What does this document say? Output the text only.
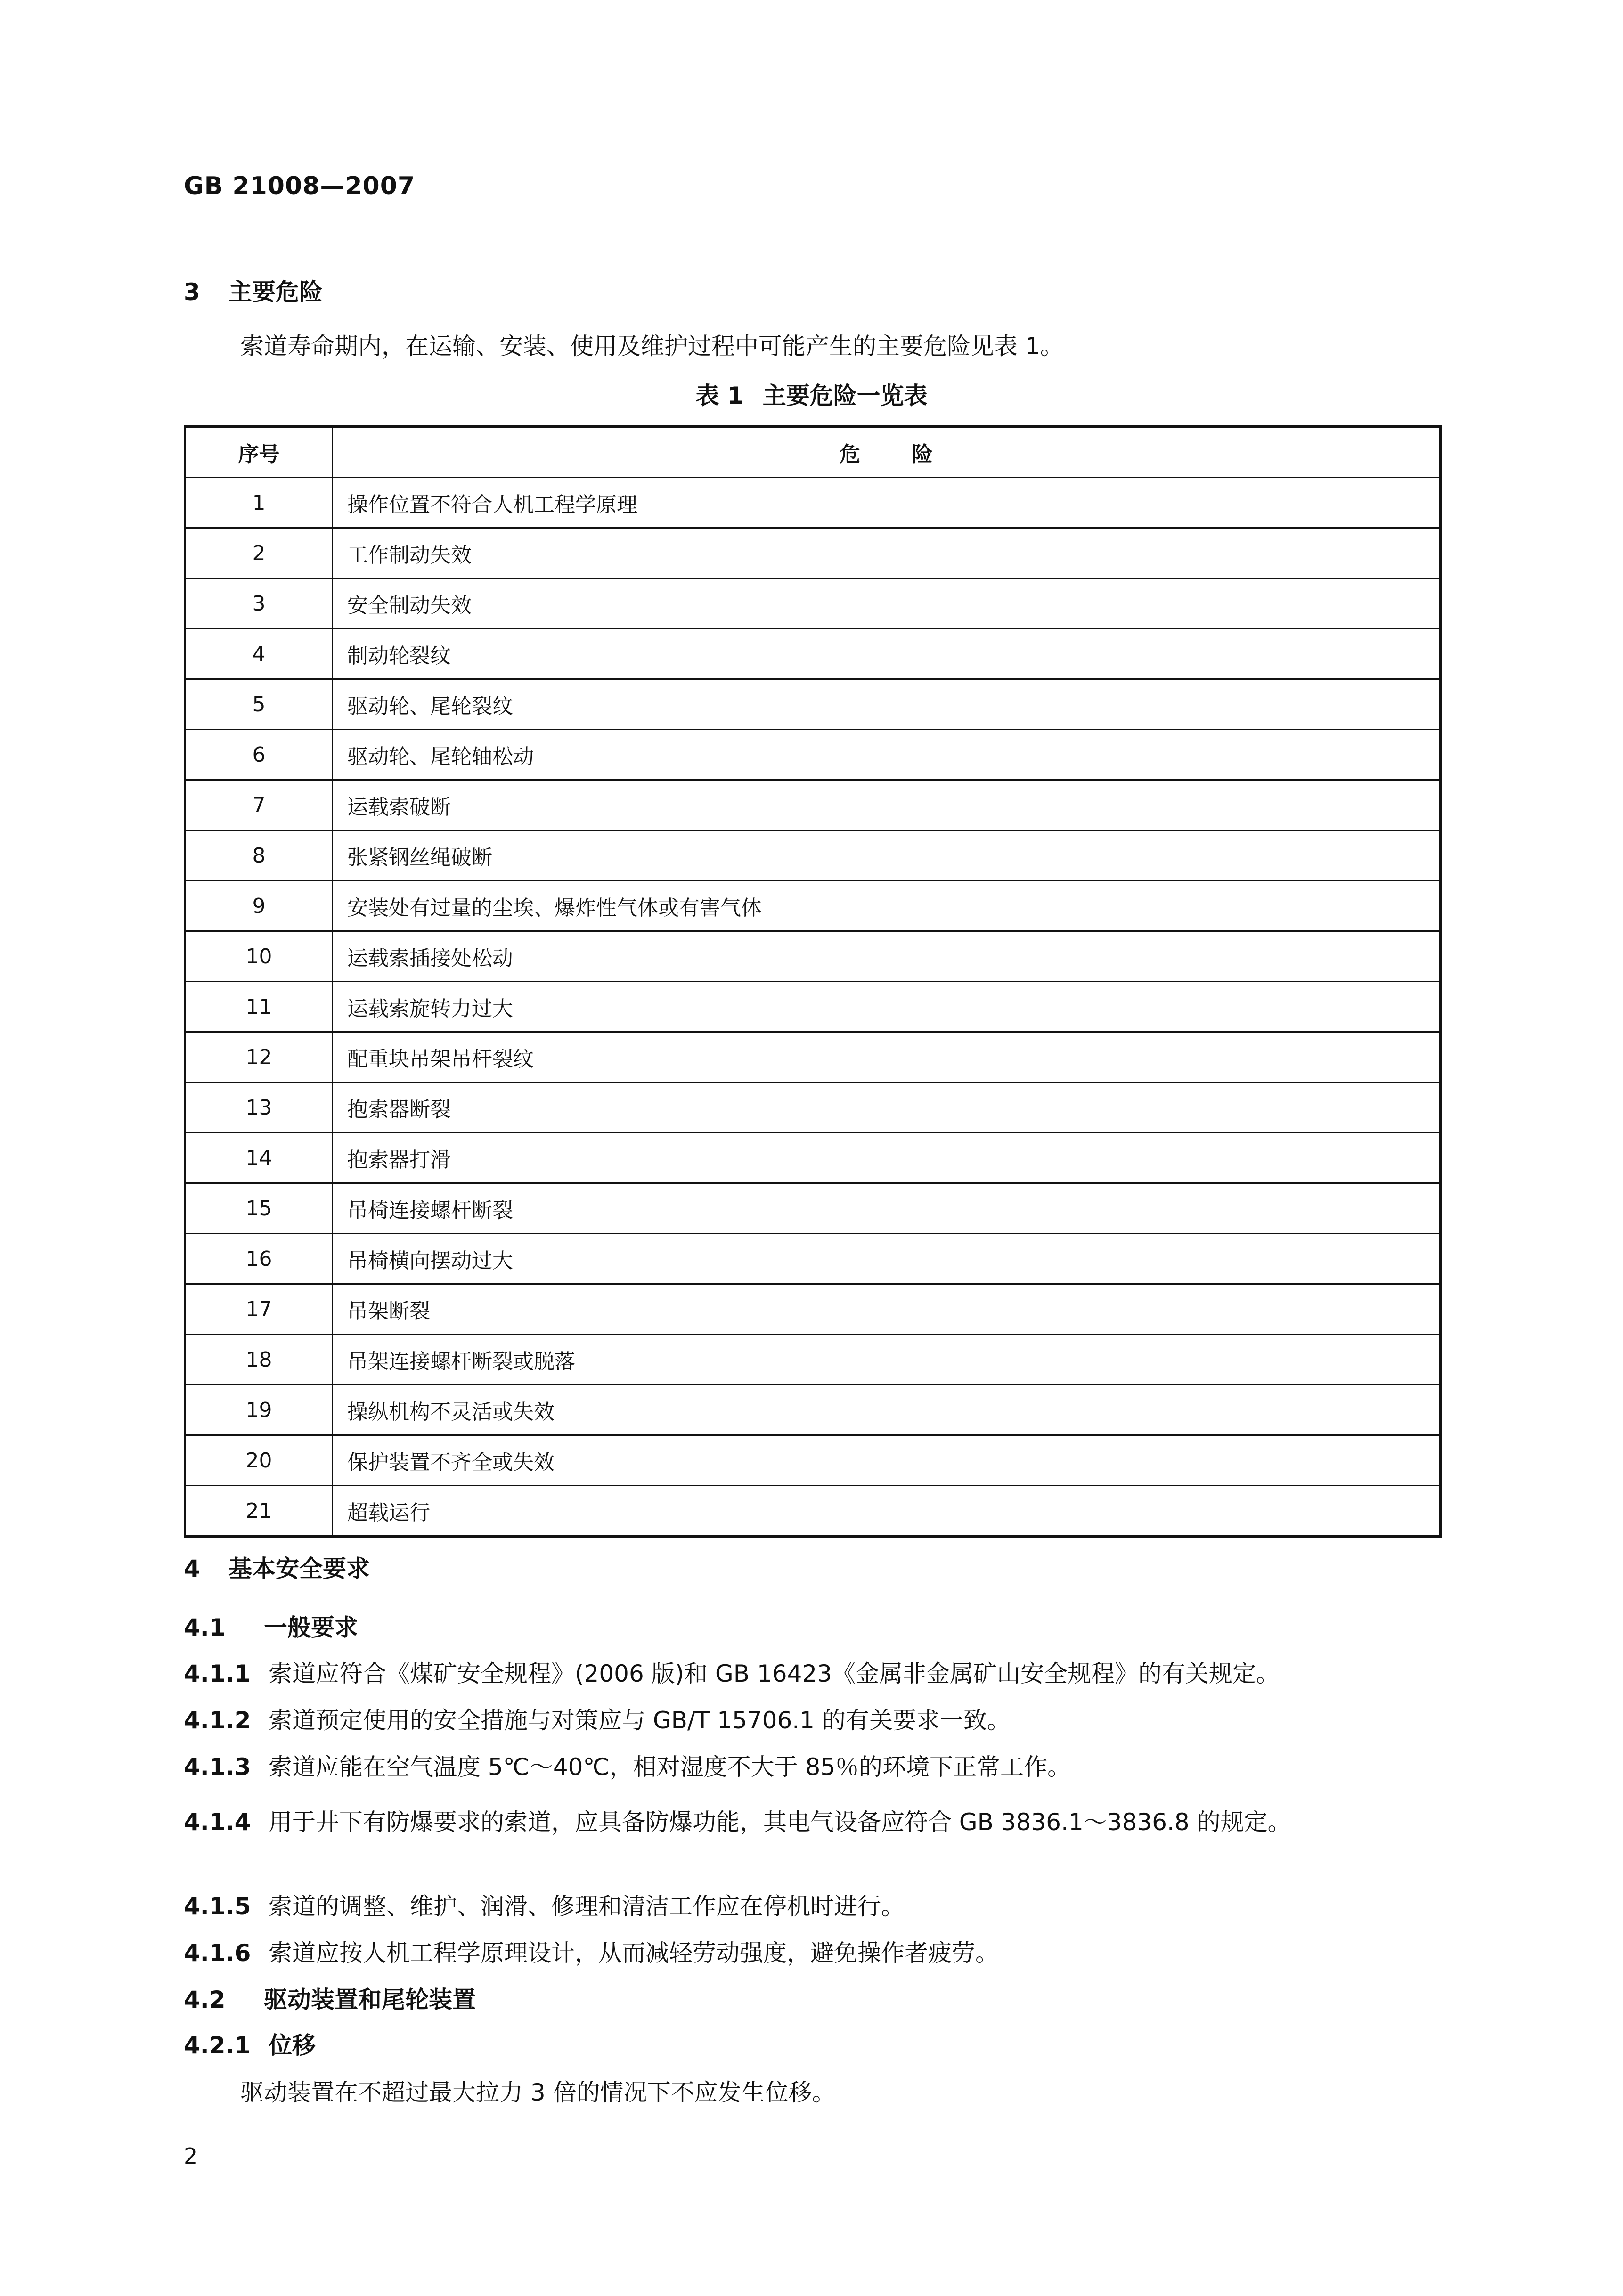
GB 21008—2007
3 主要危险
索道寿命期内，在运输、安装、使用及维护过程中可能产生的主要危险见表 1。
表 1 主要危险一览表
序号	危险
1	操作位置不符合人机工程学原理
2	工作制动失效
3	安全制动失效
4	制动轮裂纹
5	驱动轮、尾轮裂纹
6	驱动轮、尾轮轴松动
7	运载索破断
8	张紧钢丝绳破断
9	安装处有过量的尘埃、爆炸性气体或有害气体
10	运载索插接处松动
11	运载索旋转力过大
12	配重块吊架吊杆裂纹
13	抱索器断裂
14	抱索器打滑
15	吊椅连接螺杆断裂
16	吊椅横向摆动过大
17	吊架断裂
18	吊架连接螺杆断裂或脱落
19	操纵机构不灵活或失效
20	保护装置不齐全或失效
21	超载运行
4 基本安全要求
4.1 一般要求
4.1.1 索道应符合《煤矿安全规程》(2006 版)和 GB 16423《金属非金属矿山安全规程》的有关规定。
4.1.2 索道预定使用的安全措施与对策应与 GB/T 15706.1 的有关要求一致。
4.1.3 索道应能在空气温度 5℃～40℃，相对湿度不大于 85％的环境下正常工作。
4.1.4 用于井下有防爆要求的索道，应具备防爆功能，其电气设备应符合 GB 3836.1～3836.8 的规定。
4.1.5 索道的调整、维护、润滑、修理和清洁工作应在停机时进行。
4.1.6 索道应按人机工程学原理设计，从而减轻劳动强度，避免操作者疲劳。
4.2 驱动装置和尾轮装置
4.2.1 位移
驱动装置在不超过最大拉力 3 倍的情况下不应发生位移。
2
